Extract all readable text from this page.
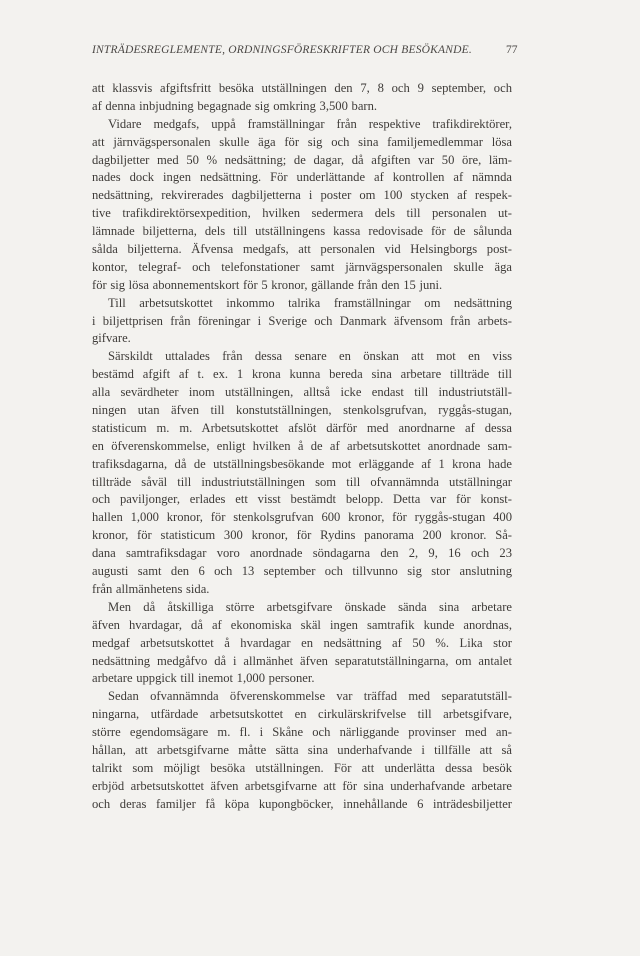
INTRÄDESREGLEMENTE, ORDNINGSFÖRESKRIFTER OCH BESÖKANDE.	77
att klassvis afgiftsfritt besöka utställningen den 7, 8 och 9 september, och
af denna inbjudning begagnade sig omkring 3,500 barn.
Vidare medgafs, uppå framställningar från respektive trafikdirektörer,
att järnvägspersonalen skulle äga för sig och sina familjemedlemmar lösa
dagbiljetter med 50 % nedsättning; de dagar, då afgiften var 50 öre, läm-
nades dock ingen nedsättning. För underlättande af kontrollen af nämnda
nedsättning, rekvirerades dagbiljetterna i poster om 100 stycken af respek-
tive trafikdirektörsexpedition, hvilken sedermera dels till personalen ut-
lämnade biljetterna, dels till utställningens kassa redovisade för de sålunda
sålda biljetterna. Äfvensa medgafs, att personalen vid Helsingborgs post-
kontor, telegraf- och telefonstationer samt järnvägspersonalen skulle äga
för sig lösa abonnementskort för 5 kronor, gällande från den 15 juni.
Till arbetsutskottet inkommo talrika framställningar om nedsättning
i biljettprisen från föreningar i Sverige och Danmark äfvensom från arbets-
gifvare.
Särskildt uttalades från dessa senare en önskan att mot en viss
bestämd afgift af t. ex. 1 krona kunna bereda sina arbetare tillträde till
alla sevärdheter inom utställningen, alltså icke endast till industriutställ-
ningen utan äfven till konstutställningen, stenkolsgrufvan, ryggås-stugan,
statisticum m. m. Arbetsutskottet afslöt därför med anordnarne af dessa
en öfverenskommelse, enligt hvilken å de af arbetsutskottet anordnade sam-
trafiksdagarna, då de utställningsbesökande mot erläggande af 1 krona hade
tillträde såväl till industriutställningen som till ofvannämnda utställningar
och paviljonger, erlades ett visst bestämdt belopp. Detta var för konst-
hallen 1,000 kronor, för stenkolsgrufvan 600 kronor, för ryggås-stugan 400
kronor, för statisticum 300 kronor, för Rydins panorama 200 kronor. Så-
dana samtrafiksdagar voro anordnade söndagarna den 2, 9, 16 och 23
augusti samt den 6 och 13 september och tillvunno sig stor anslutning
från allmänhetens sida.
Men då åtskilliga större arbetsgifvare önskade sända sina arbetare
äfven hvardagar, då af ekonomiska skäl ingen samtrafik kunde anordnas,
medgaf arbetsutskottet å hvardagar en nedsättning af 50 %. Lika stor
nedsättning medgåfvo då i allmänhet äfven separatutställningarna, om antalet
arbetare uppgick till inemot 1,000 personer.
Sedan ofvannämnda öfverenskommelse var träffad med separatutställ-
ningarna, utfärdade arbetsutskottet en cirkulärskrifvelse till arbetsgifvare,
större egendomsägare m. fl. i Skåne och närliggande provinser med an-
hållan, att arbetsgifvarne måtte sätta sina underhafvande i tillfälle att så
talrikt som möjligt besöka utställningen. För att underlätta dessa besök
erbjöd arbetsutskottet äfven arbetsgifvarne att för sina underhafvande arbetare
och deras familjer få köpa kupongböcker, innehållande 6 inträdesbiljetter
